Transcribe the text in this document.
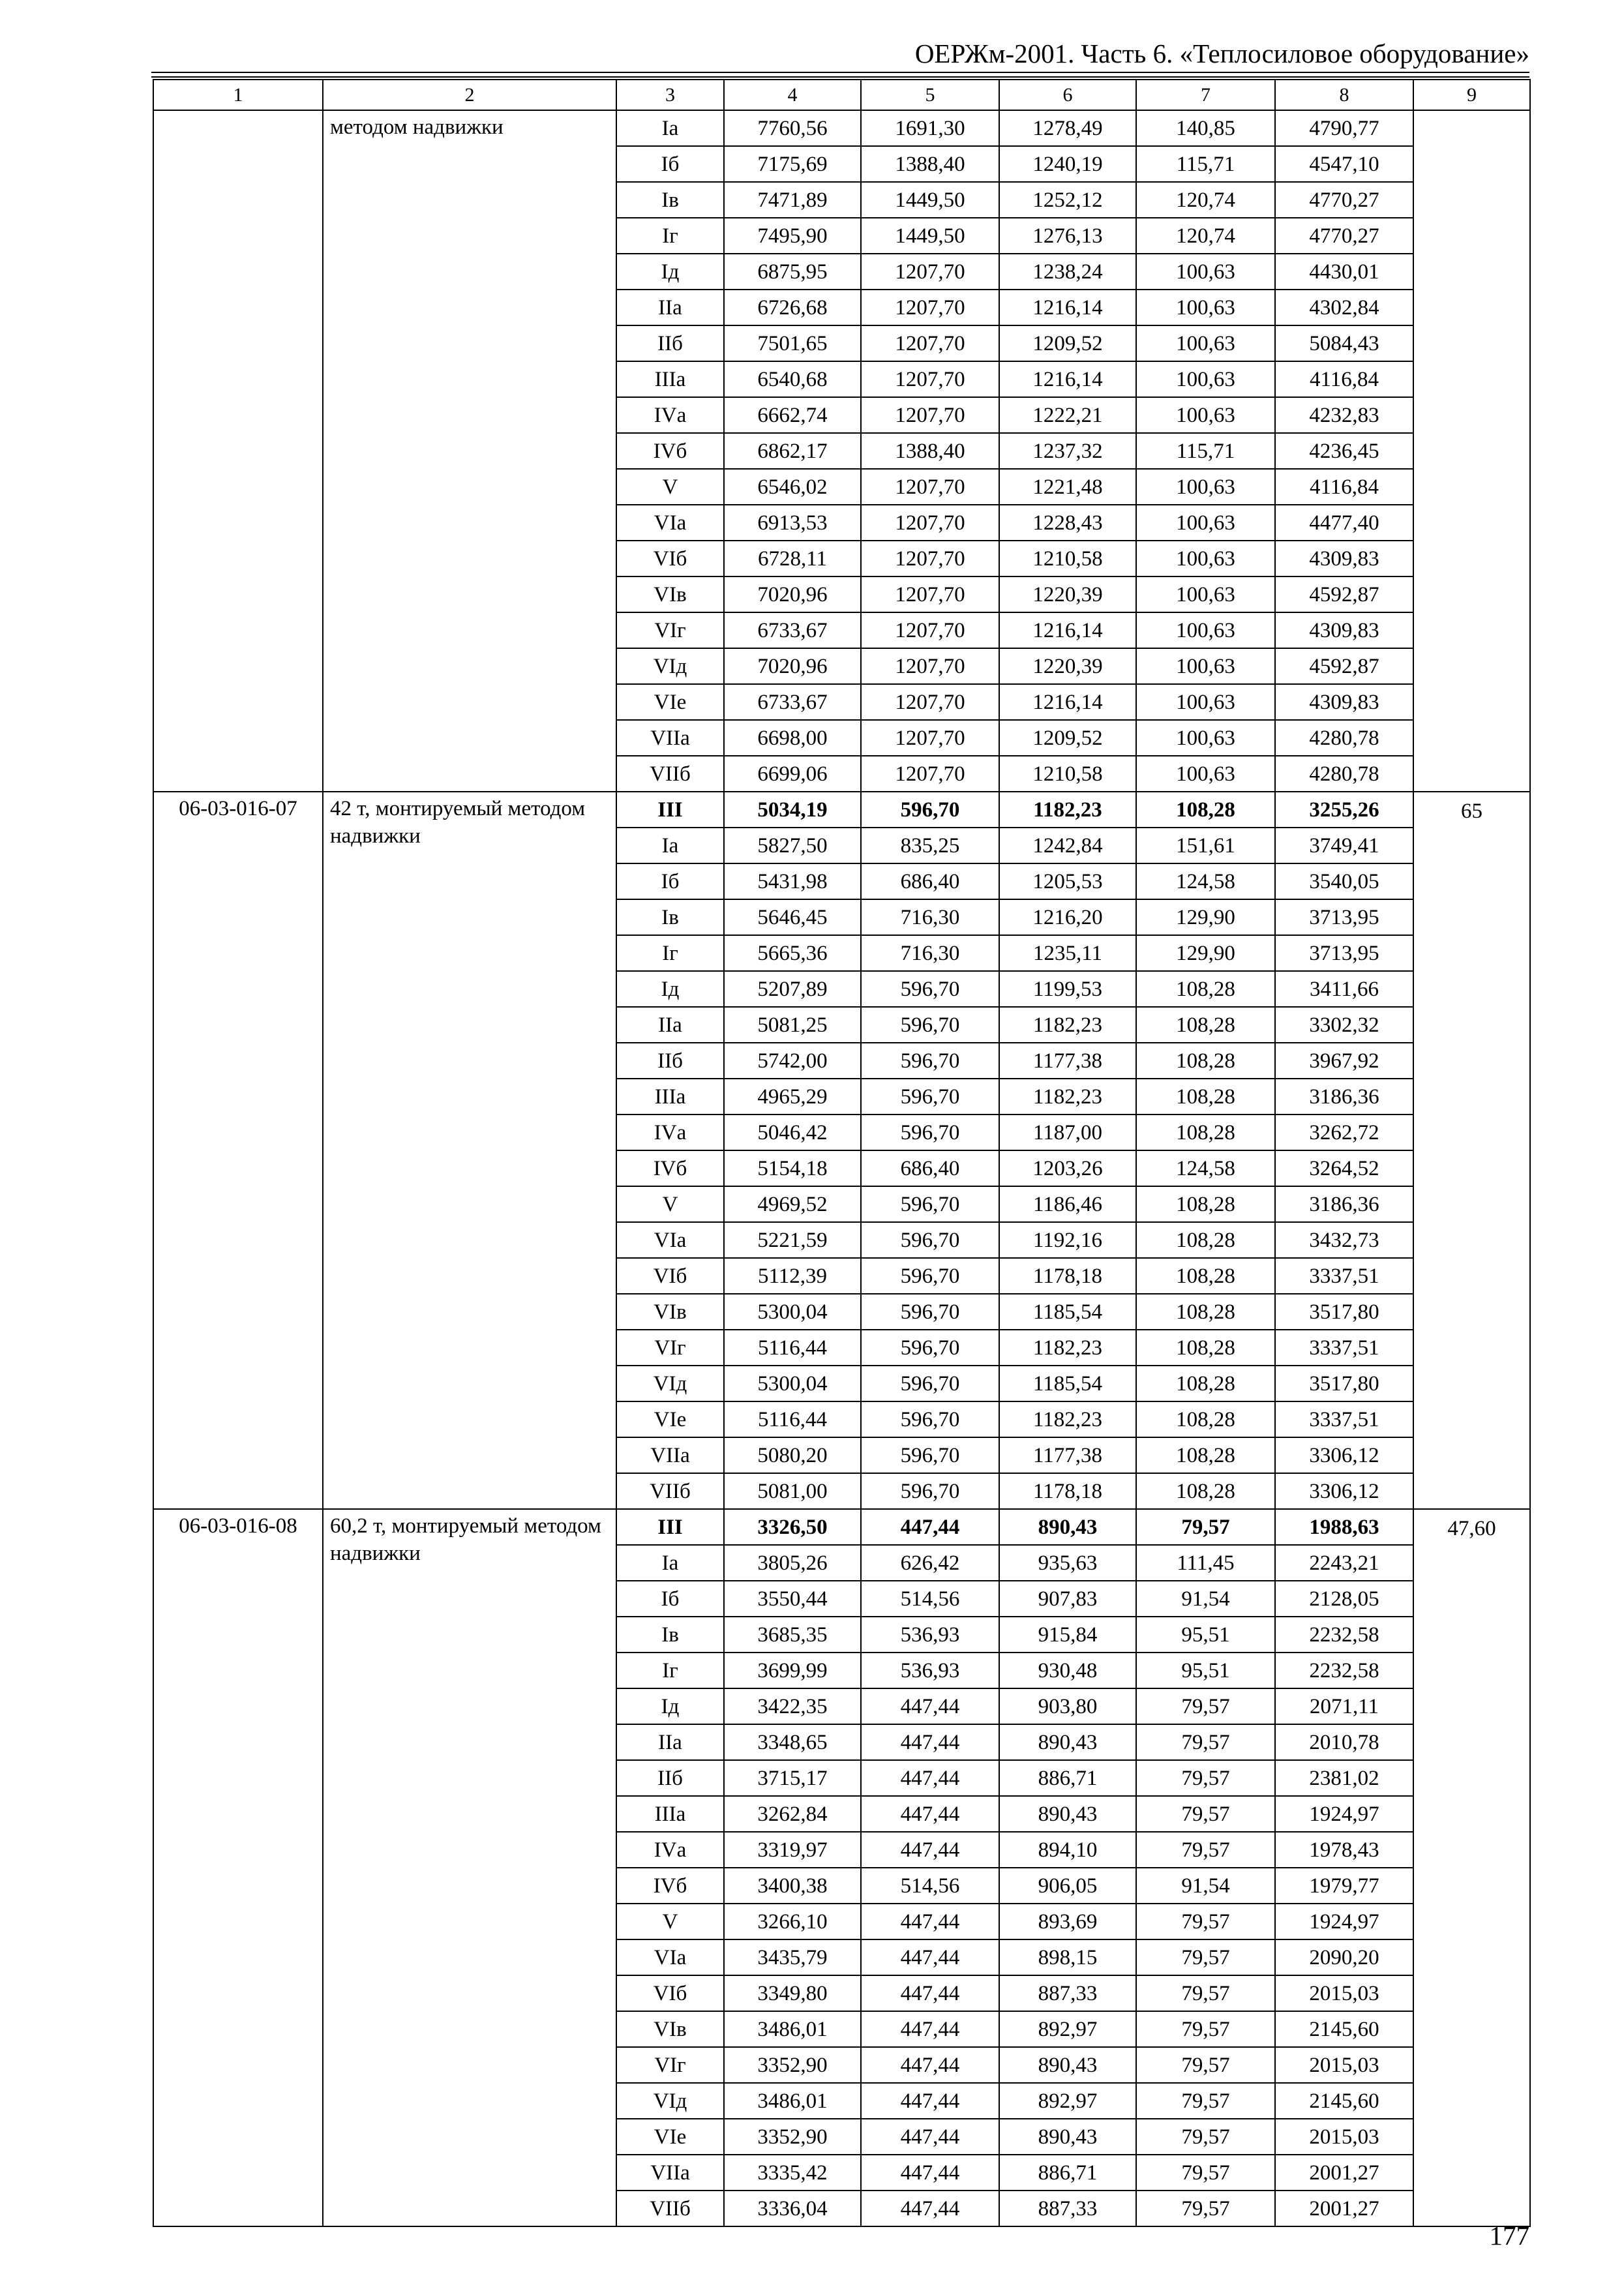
ОЕРЖм-2001. Часть 6. «Теплосиловое оборудование»
1	2	3	4	5	6	7	8	9

	методом надвижки	Iа	7760,56	1691,30	1278,49	140,85	4790,77	

		Iб	7175,69	1388,40	1240,19	115,71	4547,10	
		Iв	7471,89	1449,50	1252,12	120,74	4770,27	
		Iг	7495,90	1449,50	1276,13	120,74	4770,27	
		Iд	6875,95	1207,70	1238,24	100,63	4430,01	
		IIа	6726,68	1207,70	1216,14	100,63	4302,84	
		IIб	7501,65	1207,70	1209,52	100,63	5084,43	
		IIIа	6540,68	1207,70	1216,14	100,63	4116,84	
		IVа	6662,74	1207,70	1222,21	100,63	4232,83	
		IVб	6862,17	1388,40	1237,32	115,71	4236,45	
		V	6546,02	1207,70	1221,48	100,63	4116,84	
		VIа	6913,53	1207,70	1228,43	100,63	4477,40	
		VIб	6728,11	1207,70	1210,58	100,63	4309,83	
		VIв	7020,96	1207,70	1220,39	100,63	4592,87	
		VIг	6733,67	1207,70	1216,14	100,63	4309,83	
		VIд	7020,96	1207,70	1220,39	100,63	4592,87	
		VIе	6733,67	1207,70	1216,14	100,63	4309,83	
		VIIа	6698,00	1207,70	1209,52	100,63	4280,78	
		VIIб	6699,06	1207,70	1210,58	100,63	4280,78	
06-03-016-07	42 т, монтируемый методом надвижки	III	5034,19	596,70	1182,23	108,28	3255,26	65

		Iа	5827,50	835,25	1242,84	151,61	3749,41	
		Iб	5431,98	686,40	1205,53	124,58	3540,05	
		Iв	5646,45	716,30	1216,20	129,90	3713,95	
		Iг	5665,36	716,30	1235,11	129,90	3713,95	
		Iд	5207,89	596,70	1199,53	108,28	3411,66	
		IIа	5081,25	596,70	1182,23	108,28	3302,32	
		IIб	5742,00	596,70	1177,38	108,28	3967,92	
		IIIа	4965,29	596,70	1182,23	108,28	3186,36	
		IVа	5046,42	596,70	1187,00	108,28	3262,72	
		IVб	5154,18	686,40	1203,26	124,58	3264,52	
		V	4969,52	596,70	1186,46	108,28	3186,36	
		VIа	5221,59	596,70	1192,16	108,28	3432,73	
		VIб	5112,39	596,70	1178,18	108,28	3337,51	
		VIв	5300,04	596,70	1185,54	108,28	3517,80	
		VIг	5116,44	596,70	1182,23	108,28	3337,51	
		VIд	5300,04	596,70	1185,54	108,28	3517,80	
		VIе	5116,44	596,70	1182,23	108,28	3337,51	
		VIIа	5080,20	596,70	1177,38	108,28	3306,12	
		VIIб	5081,00	596,70	1178,18	108,28	3306,12	
06-03-016-08	60,2 т, монтируемый методом надвижки	III	3326,50	447,44	890,43	79,57	1988,63	47,60

		Iа	3805,26	626,42	935,63	111,45	2243,21	
		Iб	3550,44	514,56	907,83	91,54	2128,05	
		Iв	3685,35	536,93	915,84	95,51	2232,58	
		Iг	3699,99	536,93	930,48	95,51	2232,58	
		Iд	3422,35	447,44	903,80	79,57	2071,11	
		IIа	3348,65	447,44	890,43	79,57	2010,78	
		IIб	3715,17	447,44	886,71	79,57	2381,02	
		IIIа	3262,84	447,44	890,43	79,57	1924,97	
		IVа	3319,97	447,44	894,10	79,57	1978,43	
		IVб	3400,38	514,56	906,05	91,54	1979,77	
		V	3266,10	447,44	893,69	79,57	1924,97	
		VIа	3435,79	447,44	898,15	79,57	2090,20	
		VIб	3349,80	447,44	887,33	79,57	2015,03	
		VIв	3486,01	447,44	892,97	79,57	2145,60	
		VIг	3352,90	447,44	890,43	79,57	2015,03	
		VIд	3486,01	447,44	892,97	79,57	2145,60	
		VIе	3352,90	447,44	890,43	79,57	2015,03	
		VIIа	3335,42	447,44	886,71	79,57	2001,27	
		VIIб	3336,04	447,44	887,33	79,57	2001,27	
177
